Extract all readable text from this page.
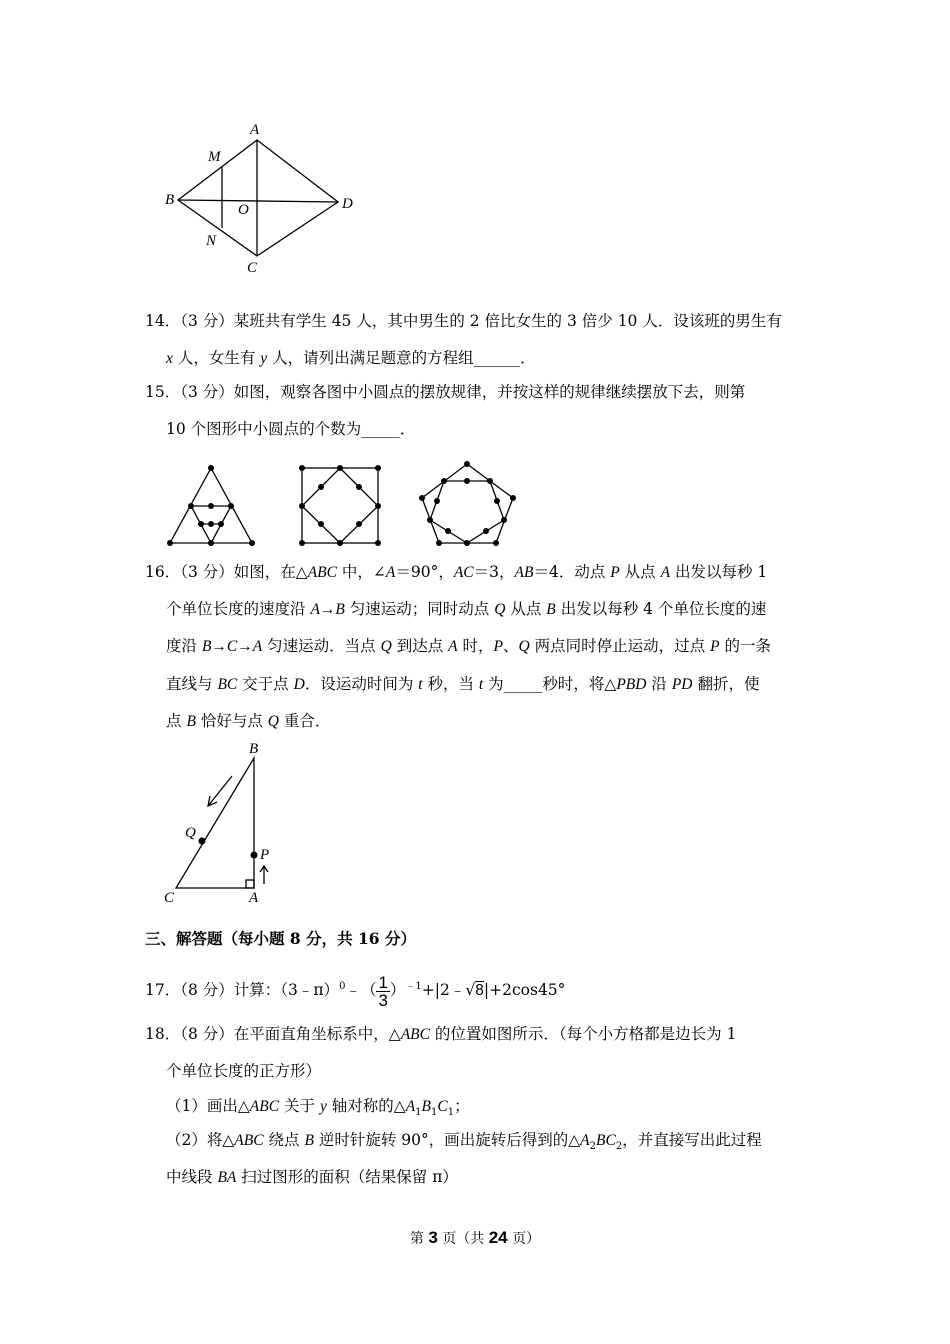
A
M
B
O	D
N
C
14．（3 分）某班共有学生 45 人，其中男生的 2 倍比女生的 3 倍少 10 人．设该班的男生有
x 人，女生有 y 人，请列出满足题意的方程组______．
15．（3 分）如图，观察各图中小圆点的摆放规律，并按这样的规律继续摆放下去，则第
10 个图形中小圆点的个数为_____．
16．（3 分）如图，在△ABC 中，∠A＝90°，AC＝3，AB＝4．动点 P 从点 A 出发以每秒 1
个单位长度的速度沿 A→B 匀速运动；同时动点 Q 从点 B 出发以每秒 4 个单位长度的速
度沿 B→C→A 匀速运动．当点 Q 到达点 A 时，P、Q 两点同时停止运动，过点 P 的一条
直线与 BC 交于点 D．设运动时间为 t 秒，当 t 为_____秒时，将△PBD 沿 PD 翻折，使
点 B 恰好与点 Q 重合．
B
Q
P
C	A
三、解答题（每小题 8 分，共 16 分）
17．（8 分）计算：（3﹣π）$^0$﹣（ $\frac{1}{3}$ ）$^{﹣1}$+|2﹣√8|+2cos45°
18．（8 分）在平面直角坐标系中，△ABC 的位置如图所示．（每个小方格都是边长为 1
个单位长度的正方形）
（1）画出△ABC 关于 y 轴对称的$\triangle A_1B_1C_1$；
（2）将△ABC 绕点 B 逆时针旋转 90°，画出旋转后得到的$\triangle A_2BC_2$，并直接写出此过程
中线段 BA 扫过图形的面积（结果保留 π）
第 3 页（共 24 页）
